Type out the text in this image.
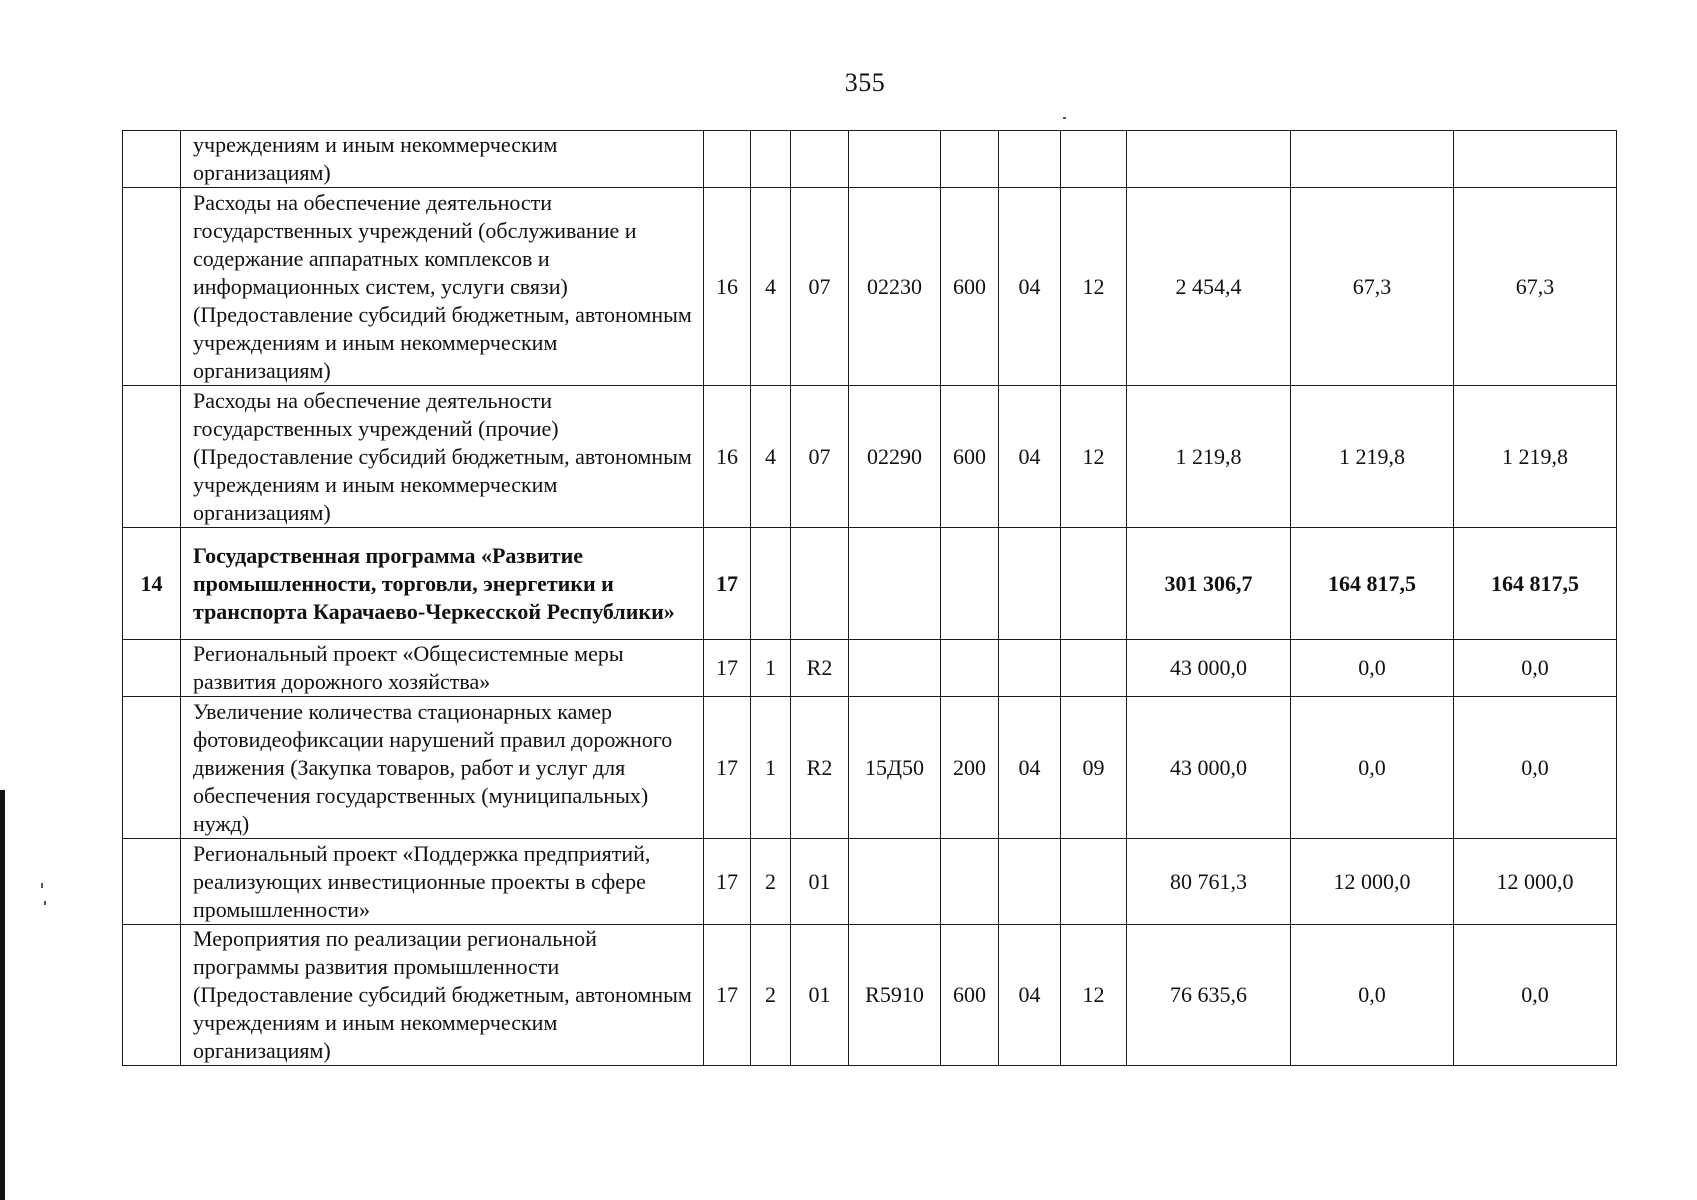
355
	учреждениям и иным некоммерческим организациям)										
	Расходы на обеспечение деятельности государственных учреждений (обслуживание и содержание аппаратных комплексов и информационных систем, услуги связи) (Предоставление субсидий бюджетным, автономным учреждениям и иным некоммерческим организациям)	16	4	07	02230	600	04	12	2 454,4	67,3	67,3
	Расходы на обеспечение деятельности государственных учреждений (прочие) (Предоставление субсидий бюджетным, автономным учреждениям и иным некоммерческим организациям)	16	4	07	02290	600	04	12	1 219,8	1 219,8	1 219,8
14	Государственная программа «Развитие промышленности, торговли, энергетики и транспорта Карачаево-Черкесской Республики»	17							301 306,7	164 817,5	164 817,5
	Региональный проект «Общесистемные меры развития дорожного хозяйства»	17	1	R2					43 000,0	0,0	0,0
	Увеличение количества стационарных камер фотовидеофиксации нарушений правил дорожного движения (Закупка товаров, работ и услуг для обеспечения государственных (муниципальных) нужд)	17	1	R2	15Д50	200	04	09	43 000,0	0,0	0,0
	Региональный проект «Поддержка предприятий, реализующих инвестиционные проекты в сфере промышленности»	17	2	01					80 761,3	12 000,0	12 000,0
	Мероприятия по реализации региональной программы развития промышленности (Предоставление субсидий бюджетным, автономным учреждениям и иным некоммерческим организациям)	17	2	01	R5910	600	04	12	76 635,6	0,0	0,0
